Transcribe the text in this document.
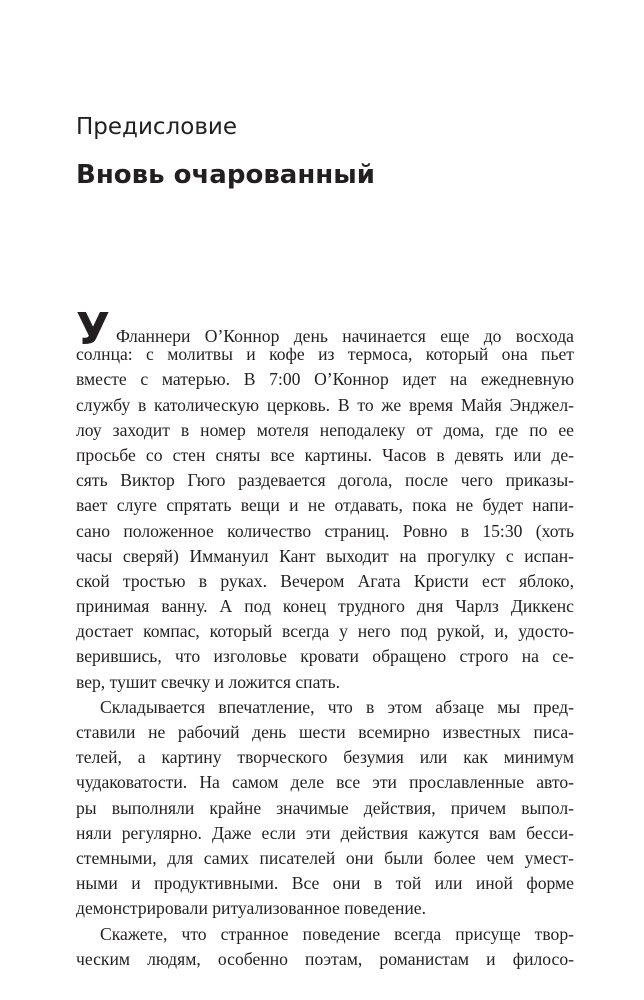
Предисловие
Вновь очарованный

У Фланнери О’Коннор день начинается еще до восхода
солнца: с молитвы и кофе из термоса, который она пьет
вместе с матерью. В 7:00 О’Коннор идет на ежедневную
службу в католическую церковь. В то же время Майя Энджел-
лоу заходит в номер мотеля неподалеку от дома, где по ее
просьбе со стен сняты все картины. Часов в девять или де-
сять Виктор Гюго раздевается догола, после чего приказы-
вает слуге спрятать вещи и не отдавать, пока не будет напи-
сано положенное количество страниц. Ровно в 15:30 (хоть
часы сверяй) Иммануил Кант выходит на прогулку с испан-
ской тростью в руках. Вечером Агата Кристи ест яблоко,
принимая ванну. А под конец трудного дня Чарлз Диккенс
достает компас, который всегда у него под рукой, и, удосто-
верившись, что изголовье кровати обращено строго на се-
вер, тушит свечку и ложится спать.

Складывается впечатление, что в этом абзаце мы пред-
ставили не рабочий день шести всемирно известных писа-
телей, а картину творческого безумия или как минимум
чудаковатости. На самом деле все эти прославленные авто-
ры выполняли крайне значимые действия, причем выпол-
няли регулярно. Даже если эти действия кажутся вам бесси-
стемными, для самих писателей они были более чем умест-
ными и продуктивными. Все они в той или иной форме
демонстрировали ритуализованное поведение.

Скажете, что странное поведение всегда присуще твор-
ческим людям, особенно поэтам, романистам и филосо-
